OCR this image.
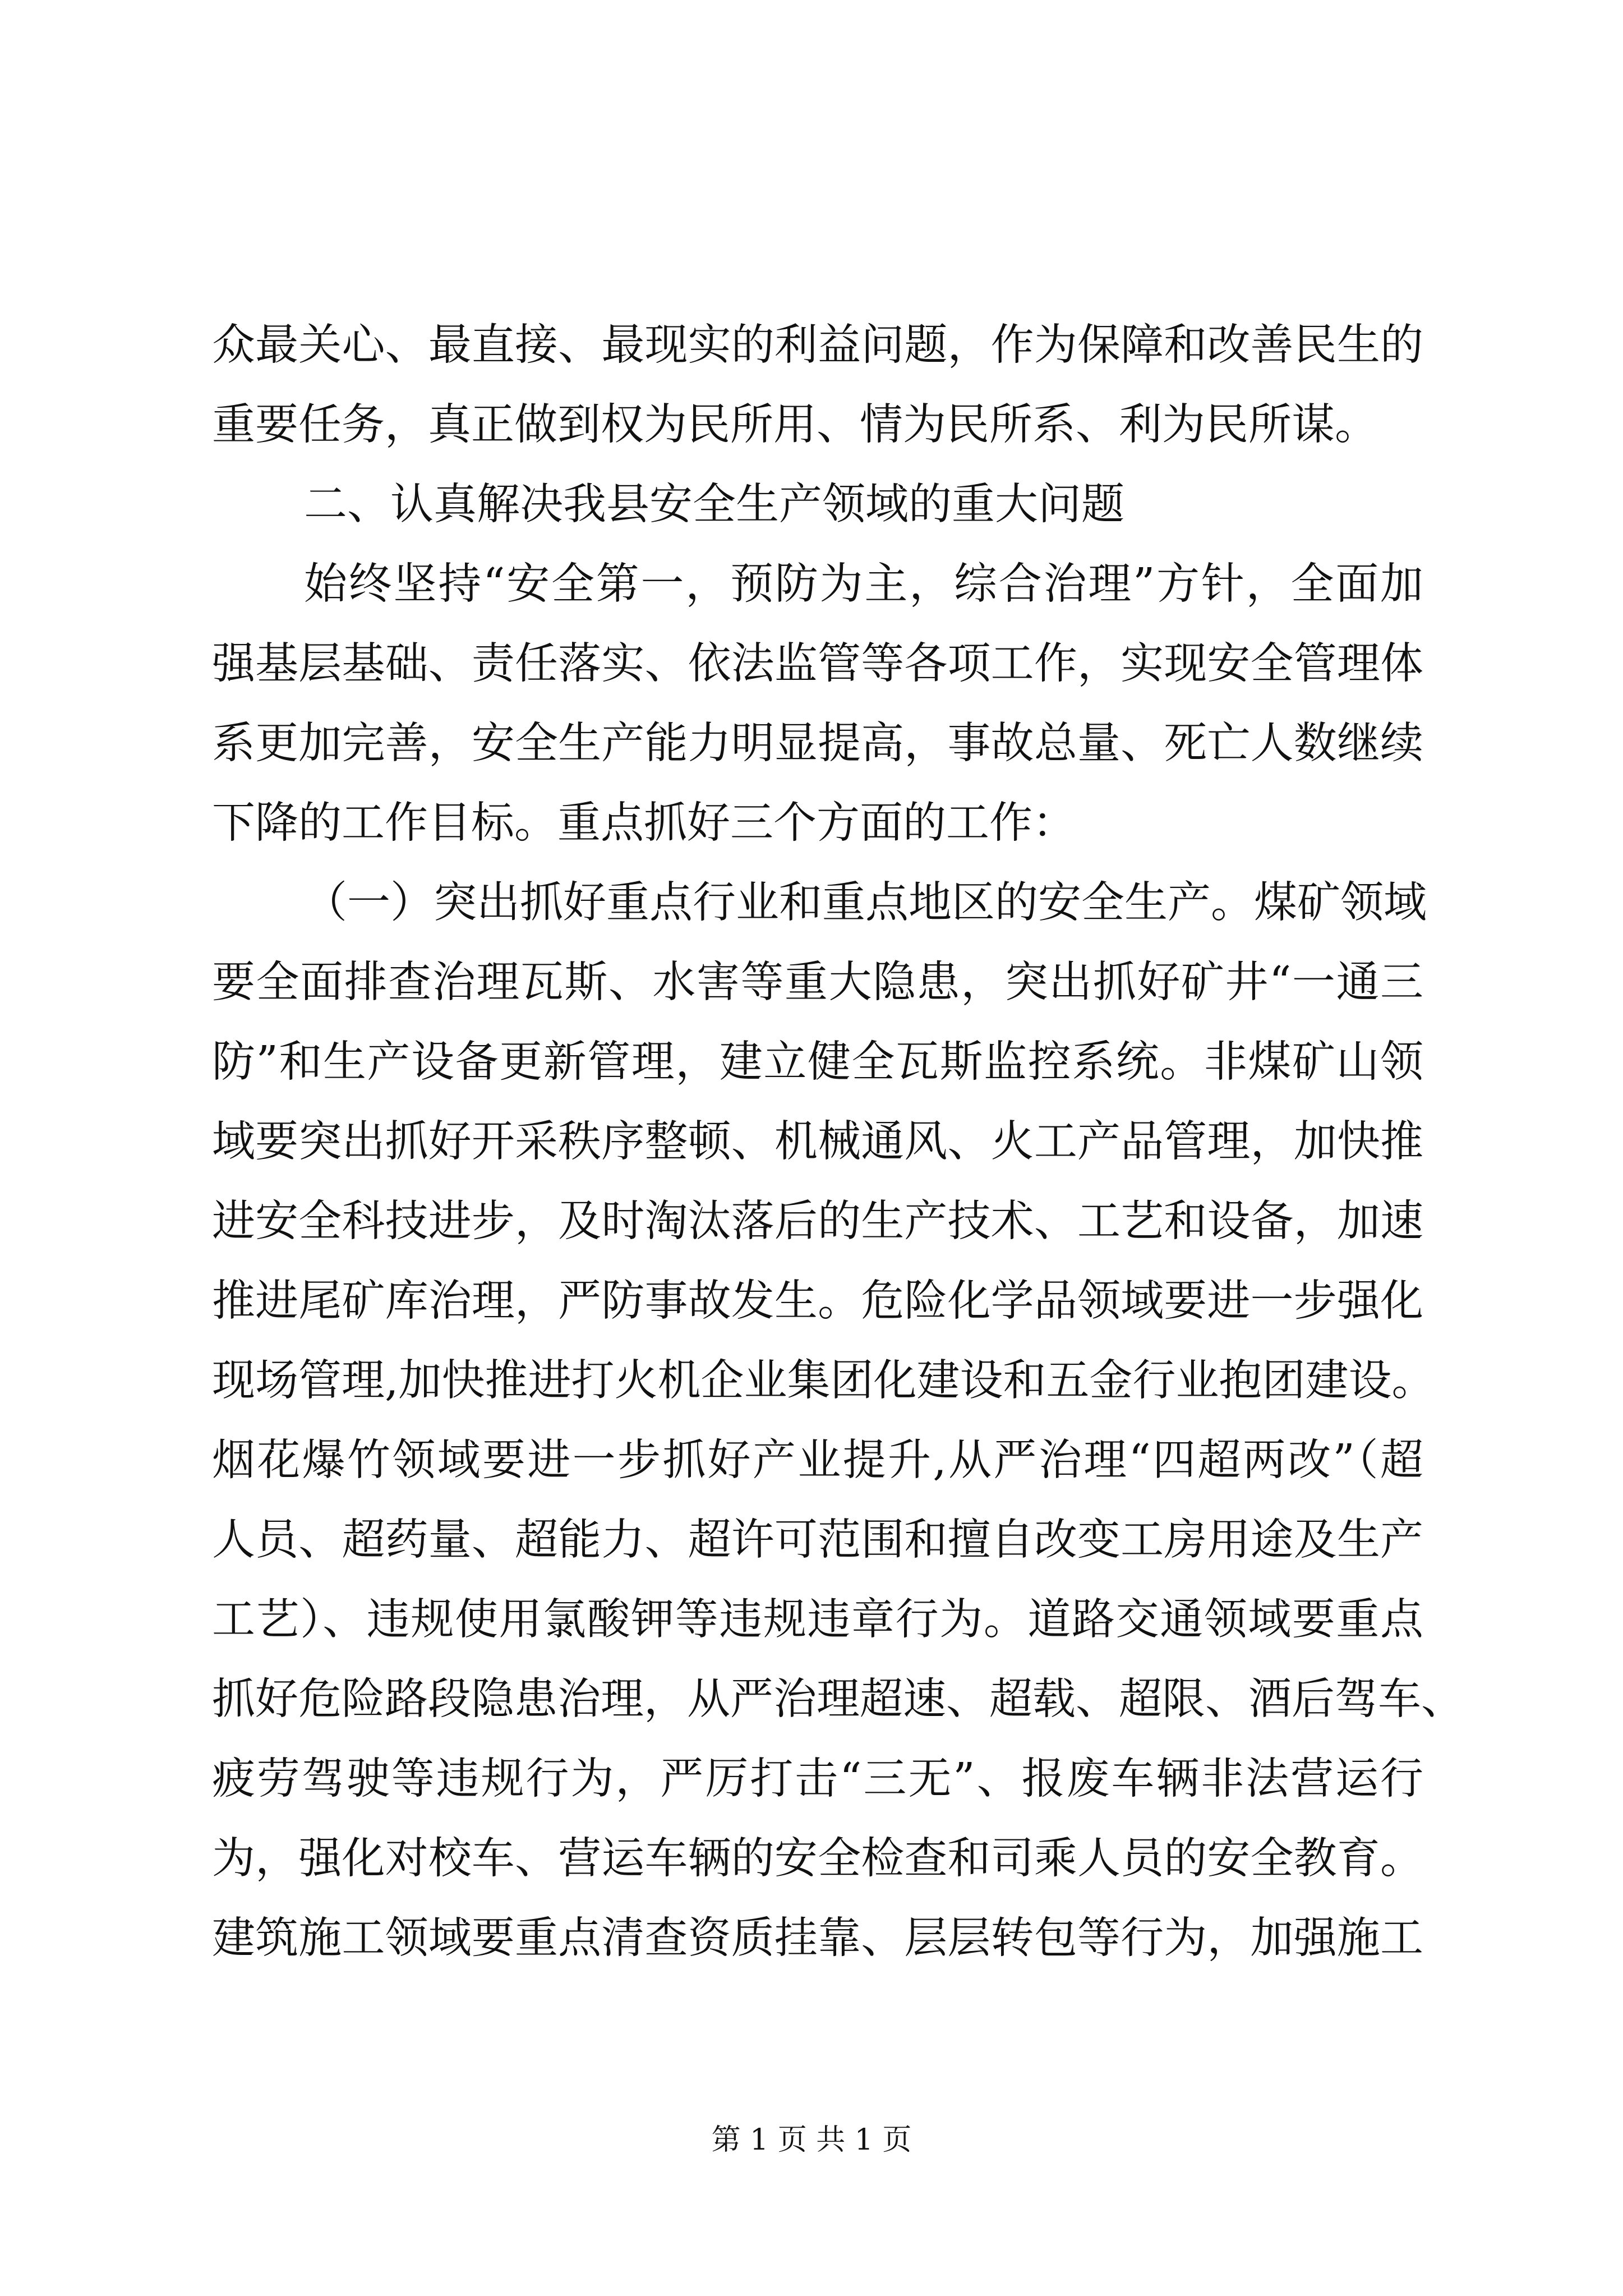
众最关心、最直接、最现实的利益问题，作为保障和改善民生的
重要任务，真正做到权为民所用、情为民所系、利为民所谋。
二、认真解决我县安全生产领域的重大问题
始终坚持“安全第一，预防为主，综合治理”方针，全面加
强基层基础、责任落实、依法监管等各项工作，实现安全管理体
系更加完善，安全生产能力明显提高，事故总量、死亡人数继续
下降的工作目标。重点抓好三个方面的工作：
（一）突出抓好重点行业和重点地区的安全生产。煤矿领域
要全面排查治理瓦斯、水害等重大隐患，突出抓好矿井“一通三
防”和生产设备更新管理，建立健全瓦斯监控系统。非煤矿山领
域要突出抓好开采秩序整顿、机械通风、火工产品管理，加快推
进安全科技进步，及时淘汰落后的生产技术、工艺和设备，加速
推进尾矿库治理，严防事故发生。危险化学品领域要进一步强化
现场管理,加快推进打火机企业集团化建设和五金行业抱团建设。
烟花爆竹领域要进一步抓好产业提升,从严治理“四超两改”（超
人员、超药量、超能力、超许可范围和擅自改变工房用途及生产
工艺）、违规使用氯酸钾等违规违章行为。道路交通领域要重点
抓好危险路段隐患治理，从严治理超速、超载、超限、酒后驾车、
疲劳驾驶等违规行为，严厉打击“三无”、报废车辆非法营运行
为，强化对校车、营运车辆的安全检查和司乘人员的安全教育。
建筑施工领域要重点清查资质挂靠、层层转包等行为，加强施工
第 1 页 共 1 页
